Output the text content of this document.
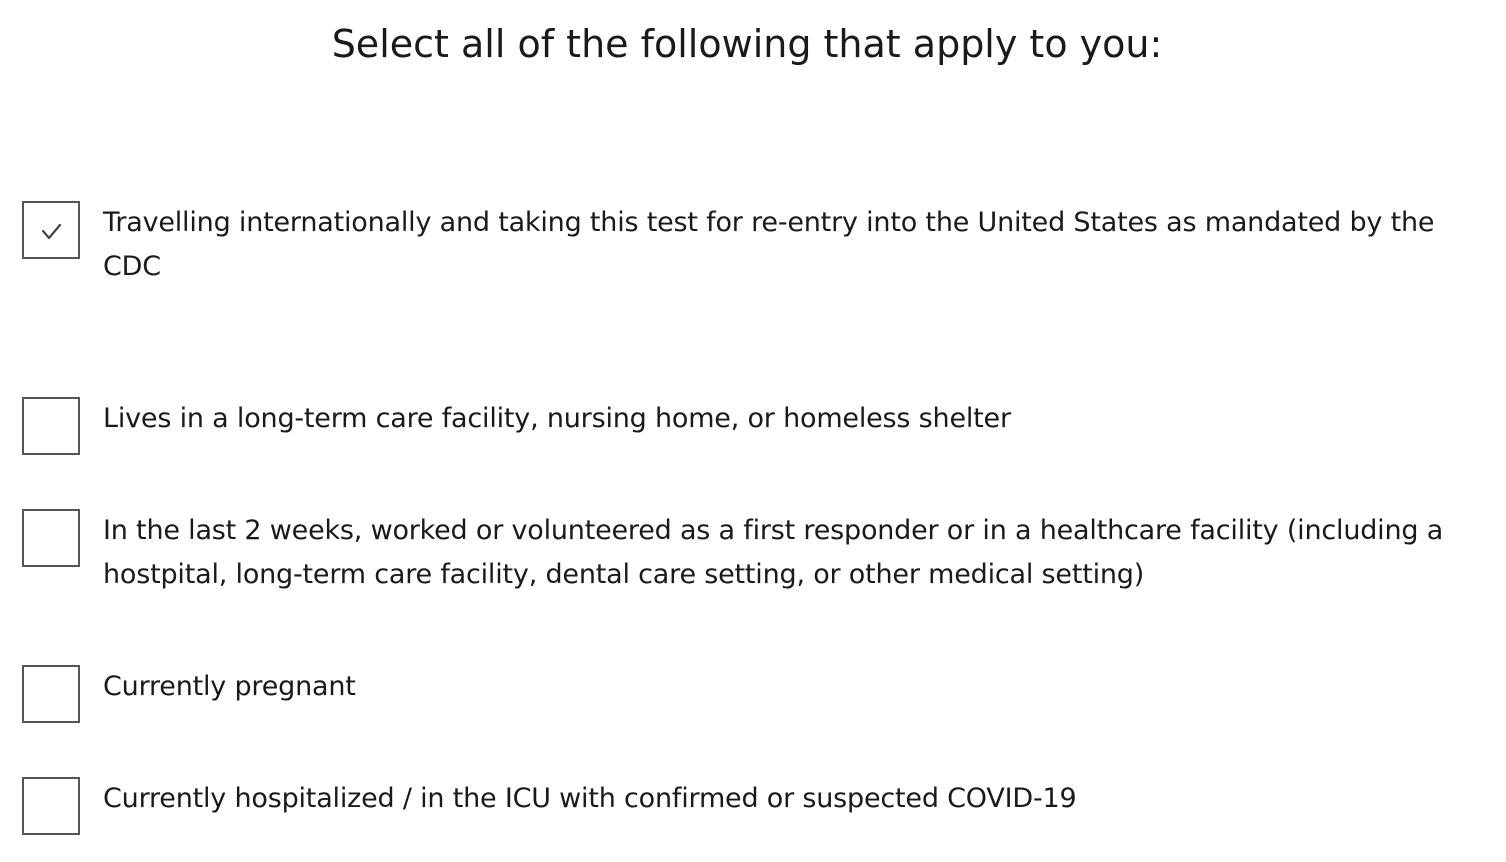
Select all of the following that apply to you:
Travelling internationally and taking this test for re-entry into the United States as mandated by the CDC
Lives in a long-term care facility, nursing home, or homeless shelter
In the last 2 weeks, worked or volunteered as a first responder or in a healthcare facility (including a hostpital, long-term care facility, dental care setting, or other medical setting)
Currently pregnant
Currently hospitalized / in the ICU with confirmed or suspected COVID-19
